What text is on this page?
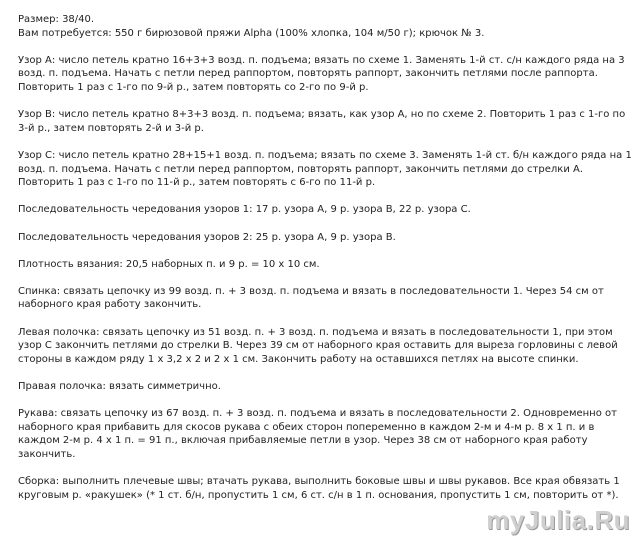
Размер: 38/40.

Вам потребуется: 550 г бирюзовой пряжи Alpha (100% хлопка, 104 м/50 г); крючок № 3.

Узор А: число петель кратно 16+3+3 возд. п. подъема; вязать по схеме 1. Заменять 1-й ст. с/н каждого ряда на 3

возд. п. подъема. Начать с петли перед раппортом, повторять раппорт, закончить петлями после раппорта.

Повторить 1 раз с 1-го по 9-й р., затем повторять со 2-го по 9-й р.

Узор В: число петель кратно 8+3+3 возд. п. подъема; вязать, как узор А, но по схеме 2. Повторить 1 раз с 1-го по

3-й р., затем повторять 2-й и 3-й р.

Узор С: число петель кратно 28+15+1 возд. п. подъема; вязать по схеме 3. Заменять 1-й ст. б/н каждого ряда на 1

возд. п. подъема. Начать с петли перед раппортом, повторять раппорт, закончить петлями до стрелки А.

Повторить 1 раз с 1-го по 11-й р., затем повторять с 6-го по 11-й р.

Последовательность чередования узоров 1: 17 р. узора А, 9 р. узора В, 22 р. узора С.

Последовательность чередования узоров 2: 25 р. узора А, 9 р. узора В.

Плотность вязания: 20,5 наборных п. и 9 р. = 10 х 10 см.

Спинка: связать цепочку из 99 возд. п. + 3 возд. п. подъема и вязать в последовательности 1. Через 54 см от

наборного края работу закончить.

Левая полочка: связать цепочку из 51 возд. п. + 3 возд. п. подъема и вязать в последовательности 1, при этом

узор С закончить петлями до стрелки В. Через 39 см от наборного края оставить для выреза горловины с левой

стороны в каждом ряду 1 х 3,2 х 2 и 2 х 1 см. Закончить работу на оставшихся петлях на высоте спинки.

Правая полочка: вязать симметрично.

Рукава: связать цепочку из 67 возд. п. + 3 возд. п. подъема и вязать в последовательности 2. Одновременно от

наборного края прибавить для скосов рукава с обеих сторон попеременно в каждом 2-м и 4-м р. 8 х 1 п. и в

каждом 2-м р. 4 х 1 п. = 91 п., включая прибавляемые петли в узор. Через 38 см от наборного края работу

закончить.

Сборка: выполнить плечевые швы; втачать рукава, выполнить боковые швы и швы рукавов. Все края обвязать 1

круговым р. «ракушек» (* 1 ст. б/н, пропустить 1 см, 6 ст. с/н в 1 п. основания, пропустить 1 см, повторить от *).

myJulia.Ru
